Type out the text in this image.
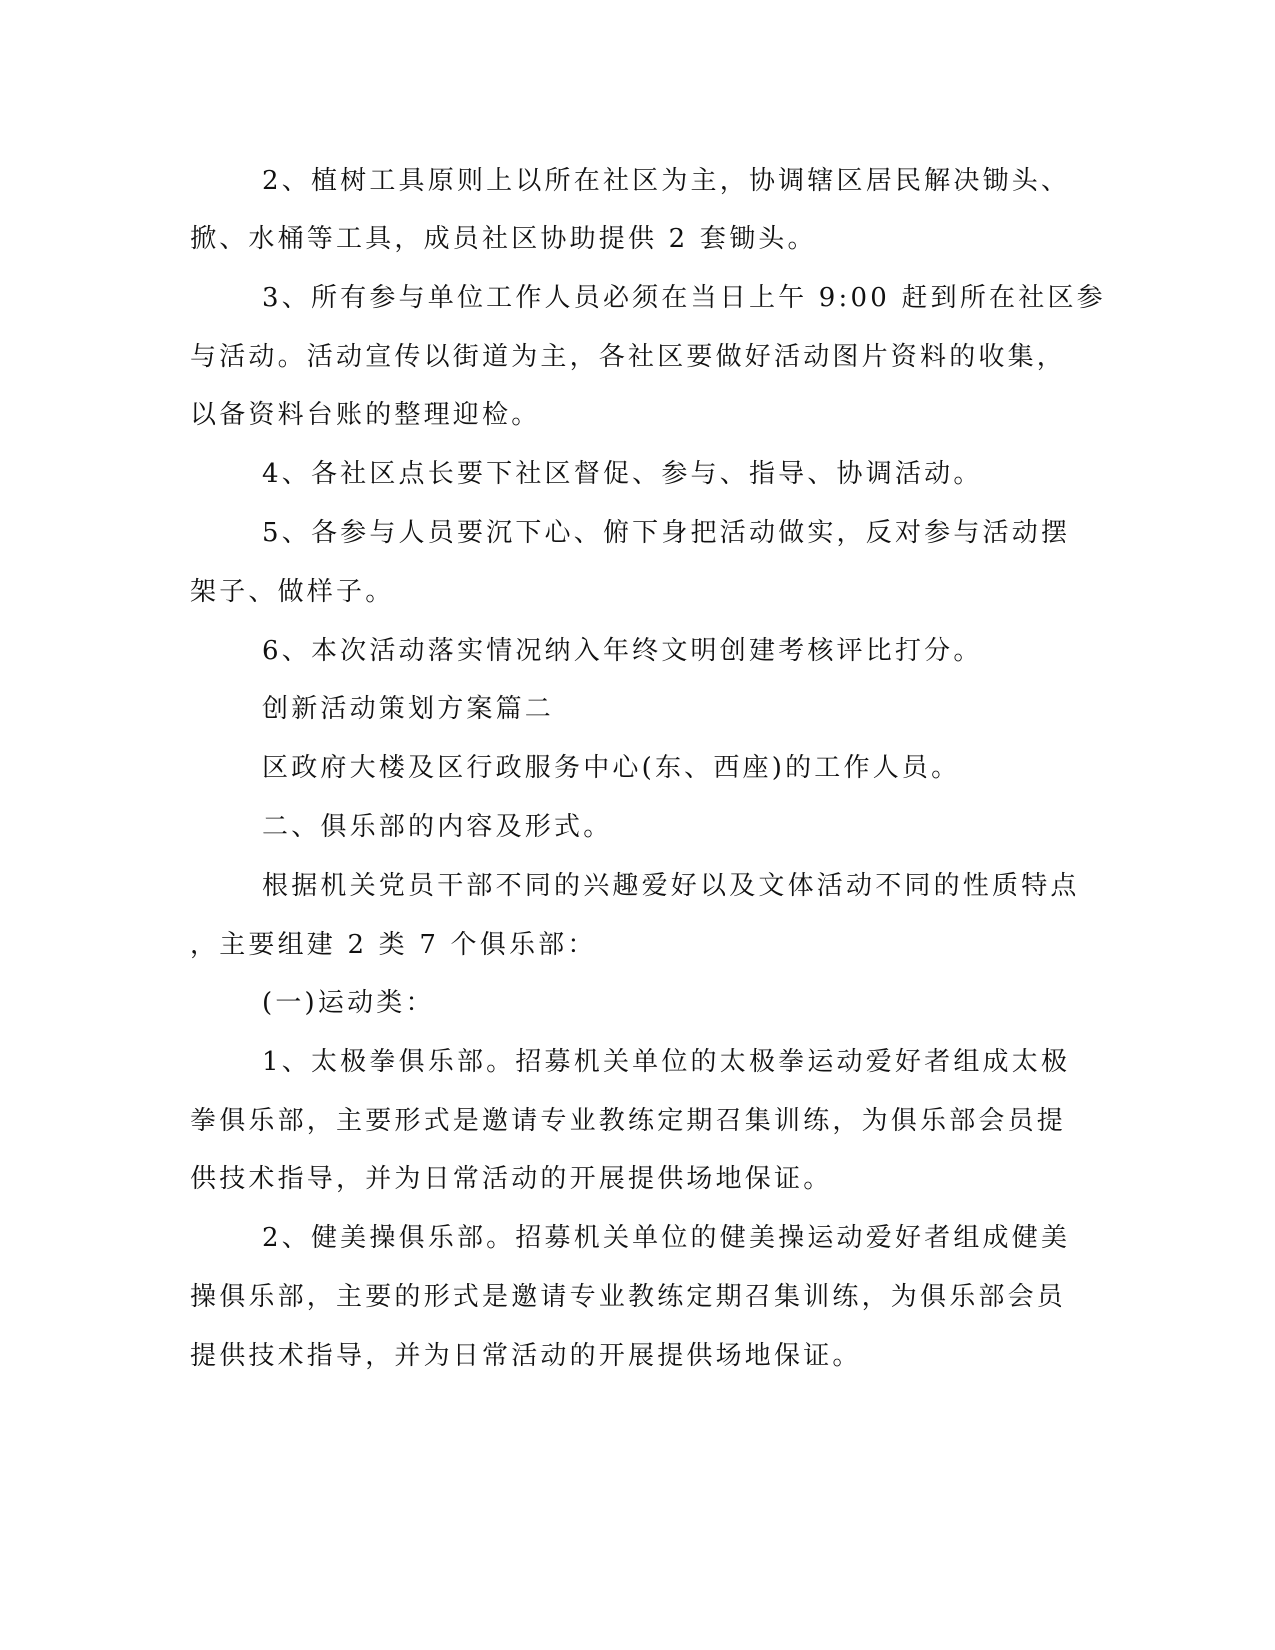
2、植树工具原则上以所在社区为主，协调辖区居民解决锄头、
掀、水桶等工具，成员社区协助提供 2 套锄头。
3、所有参与单位工作人员必须在当日上午 9:00 赶到所在社区参
与活动。活动宣传以街道为主，各社区要做好活动图片资料的收集，
以备资料台账的整理迎检。
4、各社区点长要下社区督促、参与、指导、协调活动。
5、各参与人员要沉下心、俯下身把活动做实，反对参与活动摆
架子、做样子。
6、本次活动落实情况纳入年终文明创建考核评比打分。
创新活动策划方案篇二
区政府大楼及区行政服务中心(东、西座)的工作人员。
二、俱乐部的内容及形式。
根据机关党员干部不同的兴趣爱好以及文体活动不同的性质特点
，主要组建 2 类 7 个俱乐部：
(一)运动类：
1、太极拳俱乐部。招募机关单位的太极拳运动爱好者组成太极
拳俱乐部，主要形式是邀请专业教练定期召集训练，为俱乐部会员提
供技术指导，并为日常活动的开展提供场地保证。
2、健美操俱乐部。招募机关单位的健美操运动爱好者组成健美
操俱乐部，主要的形式是邀请专业教练定期召集训练，为俱乐部会员
提供技术指导，并为日常活动的开展提供场地保证。
